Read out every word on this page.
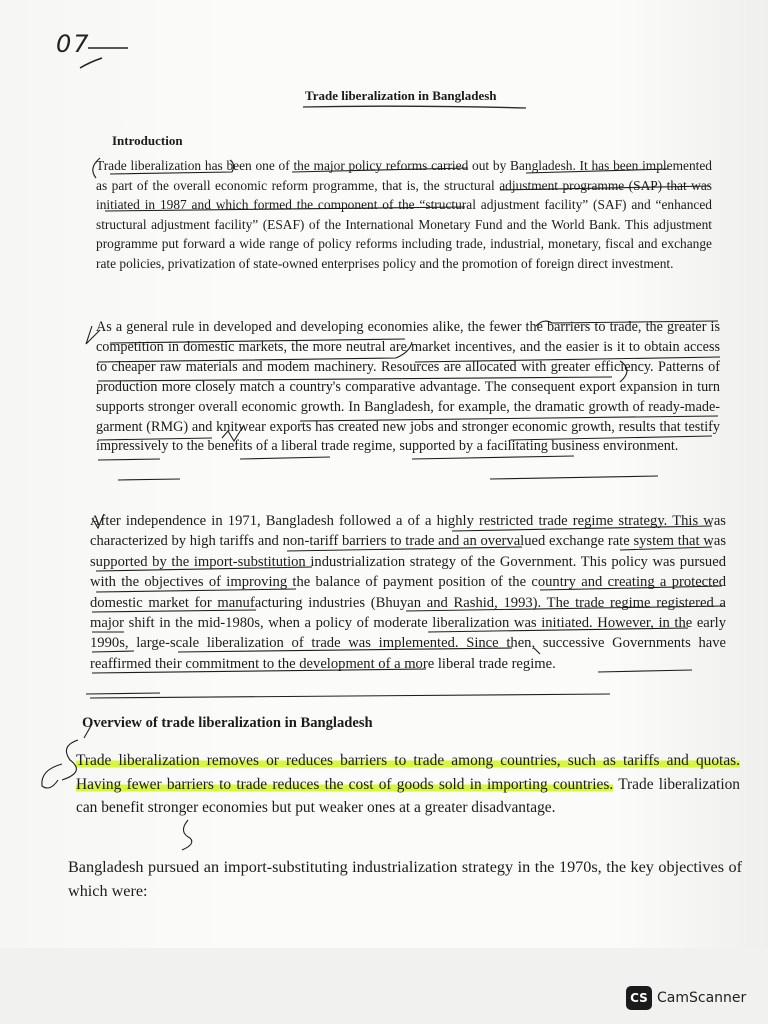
07
Trade liberalization in Bangladesh
Introduction

Trade liberalization has been one of the major policy reforms carried out by Bangladesh. It has been implemented as part of the overall economic reform programme, that is, the structural adjustment programme (SAP) that was initiated in 1987 and which formed the component of the “structural adjustment facility” (SAF) and “enhanced structural adjustment facility” (ESAF) of the International Monetary Fund and the World Bank. This adjustment programme put forward a wide range of policy reforms including trade, industrial, monetary, fiscal and exchange rate policies, privatization of state-owned enterprises policy and the promotion of foreign direct investment.

As a general rule in developed and developing economies alike, the fewer the barriers to trade, the greater is competition in domestic markets, the more neutral are market incentives, and the easier is it to obtain access to cheaper raw materials and modem machinery. Resources are allocated with greater efficiency. Patterns of production more closely match a country's comparative advantage. The consequent export expansion in turn supports stronger overall economic growth. In Bangladesh, for example, the dramatic growth of ready-made-garment (RMG) and knitwear exports has created new jobs and stronger economic growth, results that testify impressively to the benefits of a liberal trade regime, supported by a facilitating business environment.

After independence in 1971, Bangladesh followed a of a highly restricted trade regime strategy. This was characterized by high tariffs and non-tariff barriers to trade and an overvalued exchange rate system that was supported by the import-substitution industrialization strategy of the Government. This policy was pursued with the objectives of improving the balance of payment position of the country and creating a protected domestic market for manufacturing industries (Bhuyan and Rashid, 1993). The trade regime registered a major shift in the mid-1980s, when a policy of moderate liberalization was initiated. However, in the early 1990s, large-scale liberalization of trade was implemented. Since then, successive Governments have reaffirmed their commitment to the development of a more liberal trade regime.

Overview of trade liberalization in Bangladesh

Trade liberalization removes or reduces barriers to trade among countries, such as tariffs and quotas. Having fewer barriers to trade reduces the cost of goods sold in importing countries. Trade liberalization can benefit stronger economies but put weaker ones at a greater disadvantage.

Bangladesh pursued an import-substituting industrialization strategy in the 1970s, the key objectives of which were:

CS CamScanner
